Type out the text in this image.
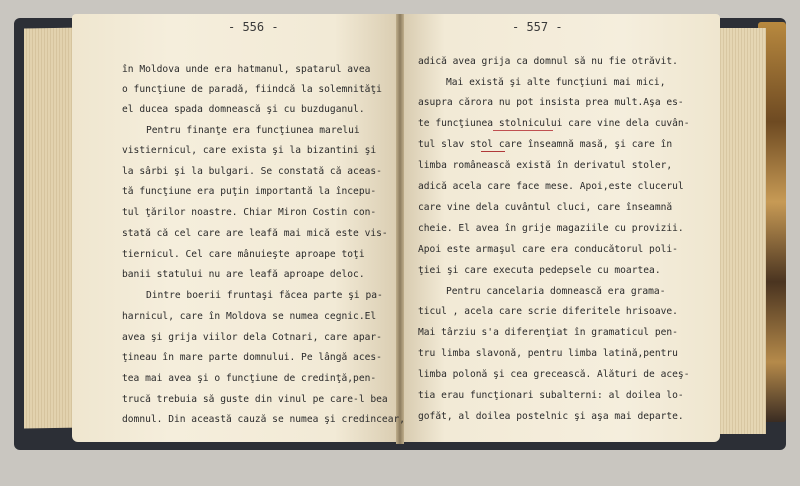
- 556 -	- 557 -
în Moldova unde era hatmanul, spatarul avea
o funcţiune de paradă, fiindcă la solemnităţi
el ducea spada domnească şi cu buzduganul.
Pentru finanţe era funcţiunea marelui
vistiernicul, care exista şi la bizantini şi
la sârbi şi la bulgari. Se constată că aceas-
tă funcţiune era puţin importantă la începu-
tul ţărilor noastre. Chiar Miron Costin con-
stată că cel care are leafă mai mică este vis-
tiernicul. Cel care mânuieşte aproape toţi
banii statului nu are leafă aproape deloc.
Dintre boerii fruntaşi făcea parte şi pa-
harnicul, care în Moldova se numea cegnic.El
avea şi grija viilor dela Cotnari, care apar-
ţineau în mare parte domnului. Pe lângă aces-
tea mai avea şi o funcţiune de credinţă,pen-
trucă trebuia să guste din vinul pe care-l bea
domnul. Din această cauză se numea şi credincear,
adică avea grija ca domnul să nu fie otrăvit.
Mai există şi alte funcţiuni mai mici,
asupra cărora nu pot insista prea mult.Aşa es-
te funcţiunea stolnicului care vine dela cuvân-
tul slav stol care înseamnă masă, şi care în
limba românească există în derivatul stoler,
adică acela care face mese. Apoi,este clucerul
care vine dela cuvântul cluci, care înseamnă
cheie. El avea în grije magaziile cu provizii.
Apoi este armaşul care era conducătorul poli-
ţiei şi care executa pedepsele cu moartea.
Pentru cancelaria domnească era grama-
ticul , acela care scrie diferitele hrisoave.
Mai târziu s'a diferenţiat în gramaticul pen-
tru limba slavonă, pentru limba latină,pentru
limba polonă şi cea grecească. Alături de aceş-
tia erau funcţionari subalterni: al doilea lo-
gofăt, al doilea postelnic şi aşa mai departe.
